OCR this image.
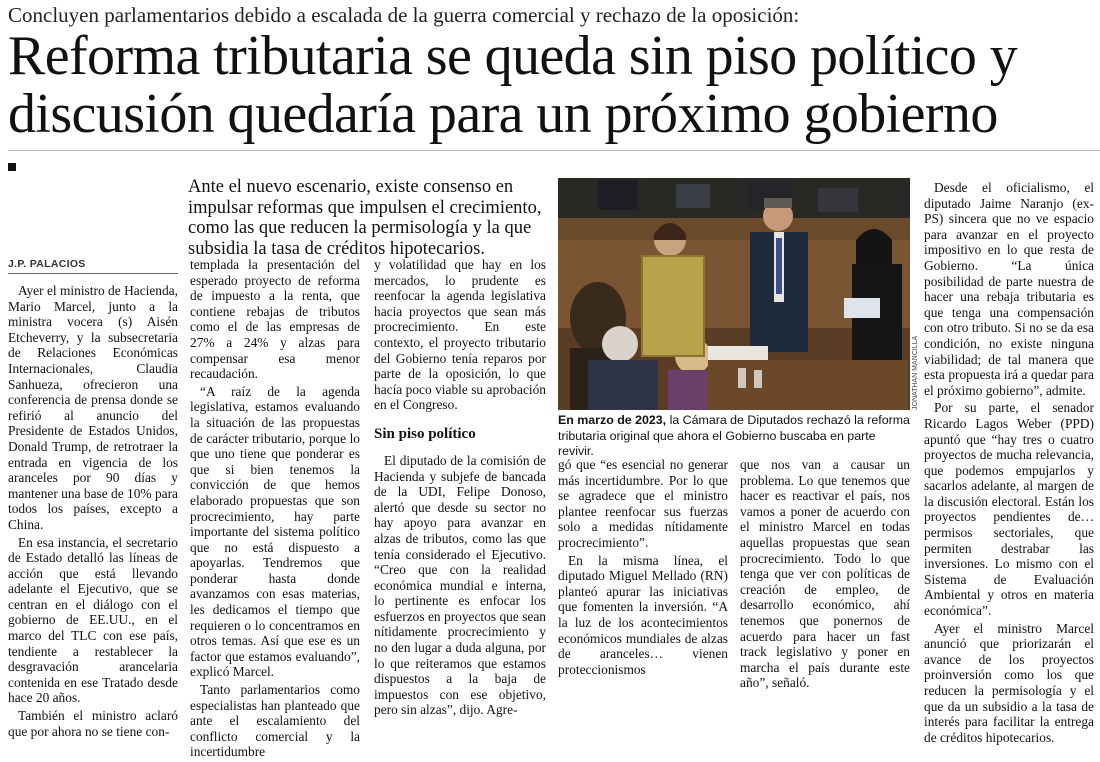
Concluyen parlamentarios debido a escalada de la guerra comercial y rechazo de la oposición:
Reforma tributaria se queda sin piso político y
discusión quedaría para un próximo gobierno
Ante el nuevo escenario, existe consenso en impulsar reformas que impulsen el crecimiento, como las que reducen la permisología y la que subsidia la tasa de créditos hipotecarios.
J.P. PALACIOS

Ayer el ministro de Hacienda, Mario Marcel, junto a la ministra vocera (s) Aisén Etcheverry, y la subsecretaria de Relaciones Económicas Internacionales, Claudia Sanhueza, ofrecieron una conferencia de prensa donde se refirió al anuncio del Presidente de Estados Unidos, Donald Trump, de retrotraer la entrada en vigencia de los aranceles por 90 días y mantener una base de 10% para todos los países, excepto a China.

En esa instancia, el secretario de Estado detalló las líneas de acción que está llevando adelante el Ejecutivo, que se centran en el diálogo con el gobierno de EE.UU., en el marco del TLC con ese país, tendiente a restablecer la desgravación arancelaria contenida en ese Tratado desde hace 20 años.

También el ministro aclaró que por ahora no se tiene con-

templada la presentación del esperado proyecto de reforma de impuesto a la renta, que contiene rebajas de tributos como el de las empresas de 27% a 24% y alzas para compensar esa menor recaudación.

“A raíz de la agenda legislativa, estamos evaluando la situación de las propuestas de carácter tributario, porque lo que uno tiene que ponderar es que si bien tenemos la convicción de que hemos elaborado propuestas que son procrecimiento, hay parte importante del sistema político que no está dispuesto a apoyarlas. Tendremos que ponderar hasta donde avanzamos con esas materias, les dedicamos el tiempo que requieren o lo concentramos en otros temas. Así que ese es un factor que estamos evaluando”, explicó Marcel.

Tanto parlamentarios como especialistas han planteado que ante el escalamiento del conflicto comercial y la incertidumbre

y volatilidad que hay en los mercados, lo prudente es reenfocar la agenda legislativa hacia proyectos que sean más procrecimiento. En este contexto, el proyecto tributario del Gobierno tenía reparos por parte de la oposición, lo que hacía poco viable su aprobación en el Congreso.

Sin piso político

El diputado de la comisión de Hacienda y subjefe de bancada de la UDI, Felipe Donoso, alertó que desde su sector no hay apoyo para avanzar en alzas de tributos, como las que tenía considerado el Ejecutivo. “Creo que con la realidad económica mundial e interna, lo pertinente es enfocar los esfuerzos en proyectos que sean nítidamente procrecimiento y no den lugar a duda alguna, por lo que reiteramos que estamos dispuestos a la baja de impuestos con ese objetivo, pero sin alzas”, dijo. Agre-

JONATHAN MANCILLA
En marzo de 2023, la Cámara de Diputados rechazó la reforma tributaria original que ahora el Gobierno buscaba en parte revivir.

gó que “es esencial no generar más incertidumbre. Por lo que se agradece que el ministro plantee reenfocar sus fuerzas solo a medidas nítidamente procrecimiento”.

En la misma línea, el diputado Miguel Mellado (RN) planteó apurar las iniciativas que fomenten la inversión. “A la luz de los acontecimientos económicos mundiales de alzas de aranceles… vienen proteccionismos

que nos van a causar un problema. Lo que tenemos que hacer es reactivar el país, nos vamos a poner de acuerdo con el ministro Marcel en todas aquellas propuestas que sean procrecimiento. Todo lo que tenga que ver con políticas de creación de empleo, de desarrollo económico, ahí tenemos que ponernos de acuerdo para hacer un fast track legislativo y poner en marcha el país durante este año”, señaló.

Desde el oficialismo, el diputado Jaime Naranjo (ex-PS) sincera que no ve espacio para avanzar en el proyecto impositivo en lo que resta de Gobierno. “La única posibilidad de parte nuestra de hacer una rebaja tributaria es que tenga una compensación con otro tributo. Si no se da esa condición, no existe ninguna viabilidad; de tal manera que esta propuesta irá a quedar para el próximo gobierno”, admite.

Por su parte, el senador Ricardo Lagos Weber (PPD) apuntó que “hay tres o cuatro proyectos de mucha relevancia, que podemos empujarlos y sacarlos adelante, al margen de la discusión electoral. Están los proyectos pendientes de… permisos sectoriales, que permiten destrabar las inversiones. Lo mismo con el Sistema de Evaluación Ambiental y otros en materia económica”.

Ayer el ministro Marcel anunció que priorizarán el avance de los proyectos proinversión como los que reducen la permisología y el que da un subsidio a la tasa de interés para facilitar la entrega de créditos hipotecarios.
